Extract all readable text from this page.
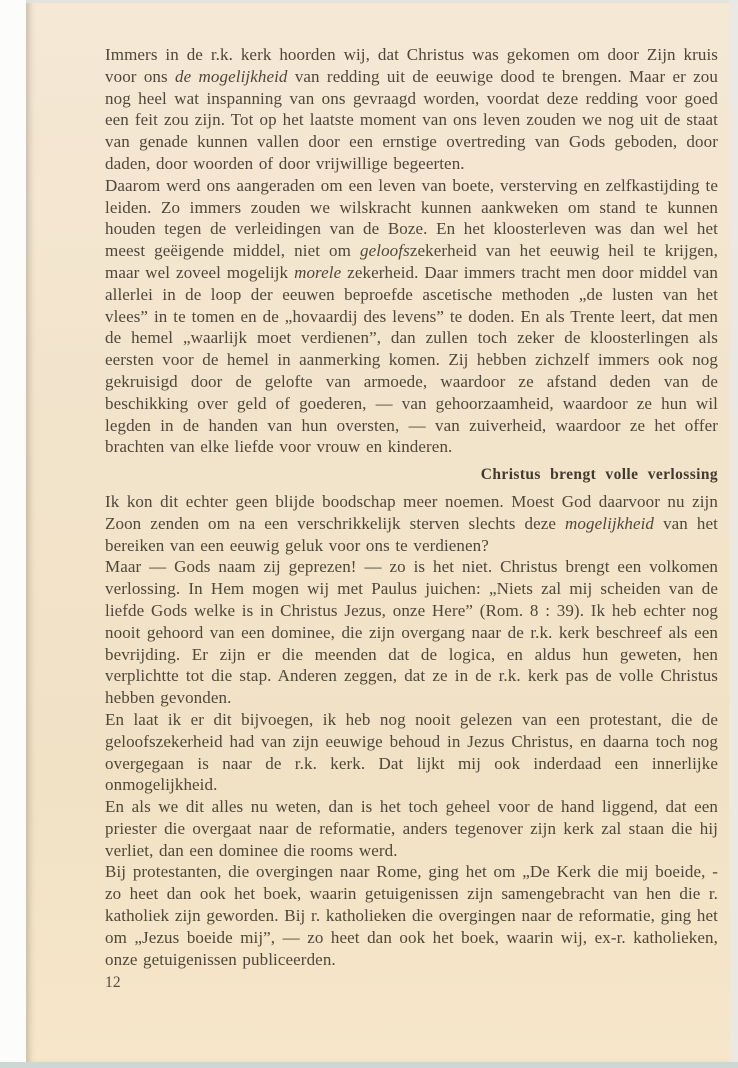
Immers in de r.k. kerk hoorden wij, dat Christus was gekomen om door Zijn kruis voor ons de mogelijkheid van redding uit de eeuwige dood te brengen. Maar er zou nog heel wat inspanning van ons gevraagd worden, voordat deze redding voor goed een feit zou zijn. Tot op het laatste moment van ons leven zouden we nog uit de staat van genade kunnen vallen door een ernstige overtreding van Gods geboden, door daden, door woorden of door vrijwillige begeerten.

Daarom werd ons aangeraden om een leven van boete, versterving en zelfkastijding te leiden. Zo immers zouden we wilskracht kunnen aankweken om stand te kunnen houden tegen de verleidingen van de Boze. En het kloosterleven was dan wel het meest geëigende middel, niet om geloofszekerheid van het eeuwig heil te krijgen, maar wel zoveel mogelijk morele zekerheid. Daar immers tracht men door middel van allerlei in de loop der eeuwen beproefde ascetische methoden „de lusten van het vlees” in te tomen en de „hovaardij des levens” te doden. En als Trente leert, dat men de hemel „waarlijk moet verdienen”, dan zullen toch zeker de kloosterlingen als eersten voor de hemel in aanmerking komen. Zij hebben zichzelf immers ook nog gekruisigd door de gelofte van armoede, waardoor ze afstand deden van de beschikking over geld of goederen, — van gehoorzaamheid, waardoor ze hun wil legden in de handen van hun oversten, — van zuiverheid, waardoor ze het offer brachten van elke liefde voor vrouw en kinderen.

Christus brengt volle verlossing

Ik kon dit echter geen blijde boodschap meer noemen. Moest God daarvoor nu zijn Zoon zenden om na een verschrikkelijk sterven slechts deze mogelijkheid van het bereiken van een eeuwig geluk voor ons te verdienen?

Maar — Gods naam zij geprezen! — zo is het niet. Christus brengt een volkomen verlossing. In Hem mogen wij met Paulus juichen: „Niets zal mij scheiden van de liefde Gods welke is in Christus Jezus, onze Here” (Rom. 8 : 39). Ik heb echter nog nooit gehoord van een dominee, die zijn overgang naar de r.k. kerk beschreef als een bevrijding. Er zijn er die meenden dat de logica, en aldus hun geweten, hen verplichtte tot die stap. Anderen zeggen, dat ze in de r.k. kerk pas de volle Christus hebben gevonden.

En laat ik er dit bijvoegen, ik heb nog nooit gelezen van een protestant, die de geloofszekerheid had van zijn eeuwige behoud in Jezus Christus, en daarna toch nog overgegaan is naar de r.k. kerk. Dat lijkt mij ook inderdaad een innerlijke onmogelijkheid.

En als we dit alles nu weten, dan is het toch geheel voor de hand liggend, dat een priester die overgaat naar de reformatie, anders tegenover zijn kerk zal staan die hij verliet, dan een dominee die rooms werd.

Bij protestanten, die overgingen naar Rome, ging het om „De Kerk die mij boeide, - zo heet dan ook het boek, waarin getuigenissen zijn samengebracht van hen die r. katholiek zijn geworden. Bij r. katholieken die overgingen naar de reformatie, ging het om „Jezus boeide mij”, — zo heet dan ook het boek, waarin wij, ex-r. katholieken, onze getuigenissen publiceerden.

12
